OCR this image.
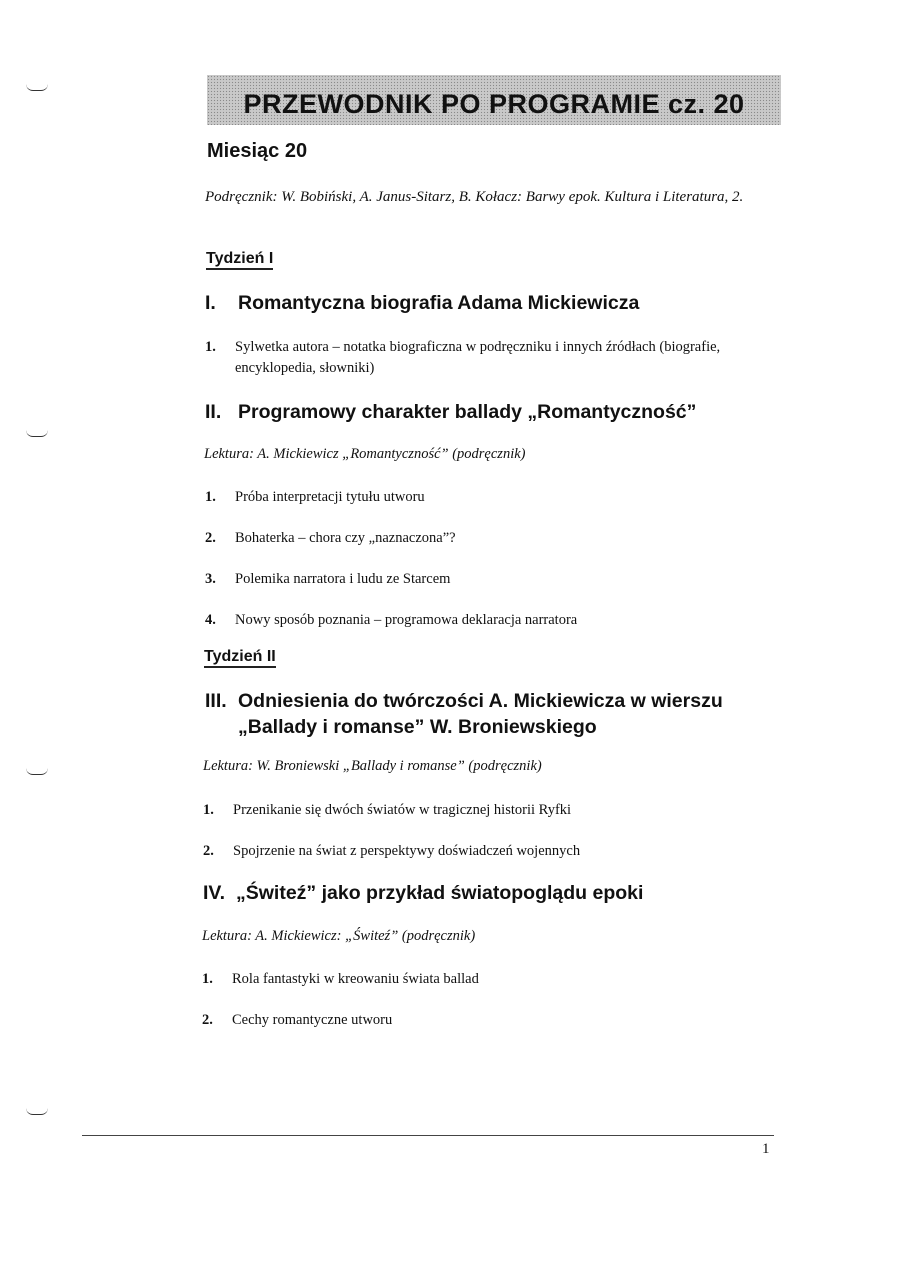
PRZEWODNIK PO PROGRAMIE cz. 20
Miesiąc 20
Podręcznik: W. Bobiński, A. Janus-Sitarz, B. Kołacz: Barwy epok. Kultura i Literatura, 2.
Tydzień I
I.	Romantyczna biografia Adama Mickiewicza
1.	Sylwetka autora – notatka biograficzna w podręczniku i innych źródłach (biografie, encyklopedia, słowniki)
II. Programowy charakter ballady „Romantyczność”
Lektura: A. Mickiewicz „Romantyczność” (podręcznik)
1.	Próba interpretacji tytułu utworu
2.	Bohaterka – chora czy „naznaczona”?
3.	Polemika narratora i ludu ze Starcem
4.	Nowy sposób poznania – programowa deklaracja narratora
Tydzień II
III. Odniesienia do twórczości A. Mickiewicza w wierszu „Ballady i romanse” W. Broniewskiego
Lektura: W. Broniewski „Ballady i romanse” (podręcznik)
1.	Przenikanie się dwóch światów w tragicznej historii Ryfki
2.	Spojrzenie na świat z perspektywy doświadczeń wojennych
IV. „Świteź” jako przykład światopoglądu epoki
Lektura: A. Mickiewicz: „Świteź” (podręcznik)
1.	Rola fantastyki w kreowaniu świata ballad
2.	Cechy romantyczne utworu
1
